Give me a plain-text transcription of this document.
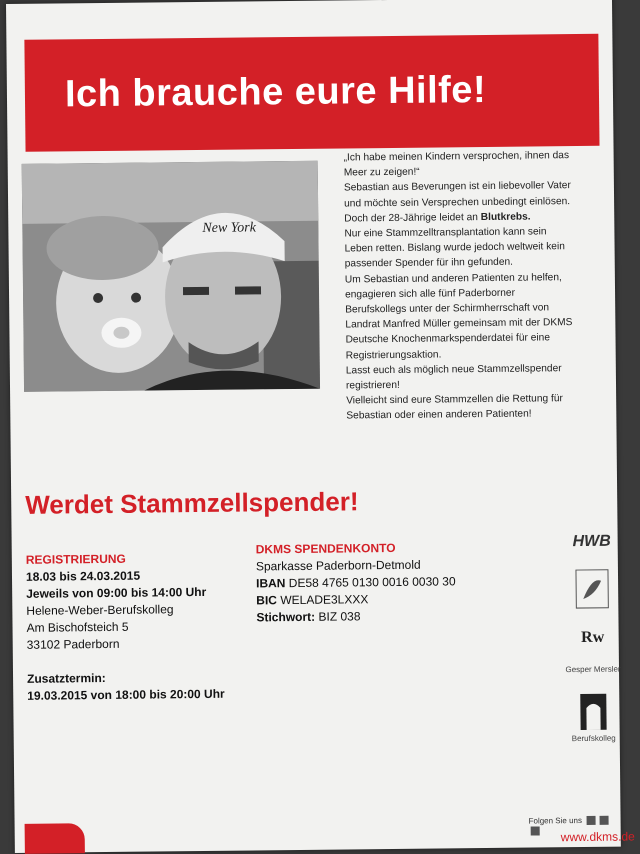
Ich brauche eure Hilfe!
New York

„Ich habe meinen Kindern versprochen, ihnen das

Meer zu zeigen!“

Sebastian aus Beverungen ist ein liebevoller Vater

und möchte sein Versprechen unbedingt einlösen.

Doch der 28-Jährige leidet an Blutkrebs.

Nur eine Stammzelltransplantation kann sein

Leben retten. Bislang wurde jedoch weltweit kein

passender Spender für ihn gefunden.

Um Sebastian und anderen Patienten zu helfen,

engagieren sich alle fünf Paderborner

Berufskollegs unter der Schirmherrschaft von

Landrat Manfred Müller gemeinsam mit der DKMS

Deutsche Knochenmarkspenderdatei für eine

Registrierungsaktion.

Lasst euch als möglich neue Stammzellspender

registrieren!

Vielleicht sind eure Stammzellen die Rettung für

Sebastian oder einen anderen Patienten!

Werdet Stammzellspender!
REGISTRIERUNG
18.03 bis 24.03.2015
Jeweils von 09:00 bis 14:00 Uhr
Helene-Weber-Berufskolleg
Am Bischofsteich 5
33102 Paderborn
Zusatztermin:
19.03.2015 von 18:00 bis 20:00 Uhr
DKMS SPENDENKONTO
Sparkasse Paderborn-Detmold
IBAN DE58 4765 0130 0016 0030 30
BIC WELADE3LXXX
Stichwort: BIZ 038
HWB
Rw
Gesper Mersler
Berufskolleg
Folgen Sie uns
www.dkms.de
